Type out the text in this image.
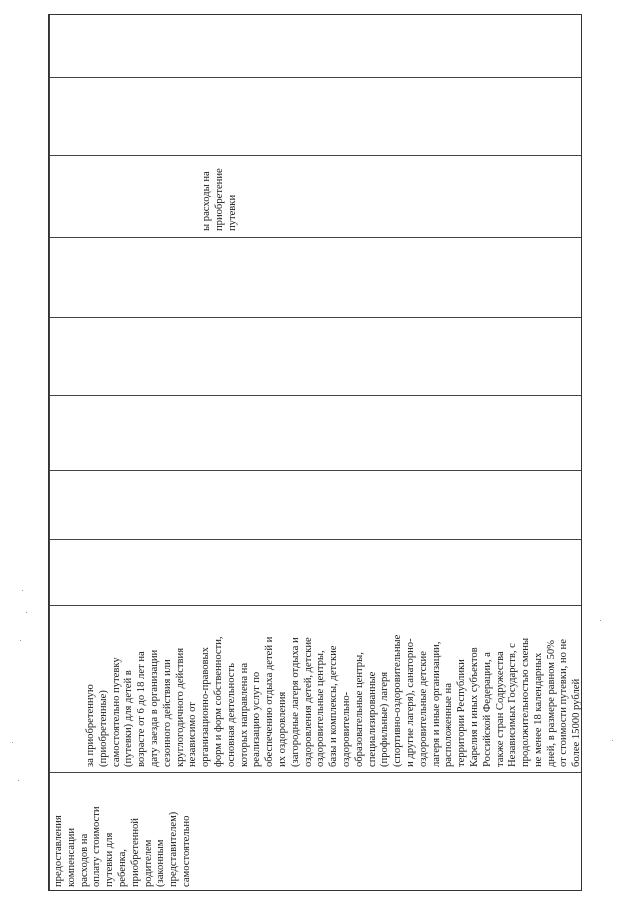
предоставления
компенсации
расходов на
оплату стоимости
путевки для
ребенка,
приобретенной
родителем
(законным
представителем)
самостоятельно
за приобретенную
(приобретенные)
самостоятельно путевку
(путевки) для детей в
возрасте от 6 до 18 лет на
дату заезда в организации
сезонного действия или
круглогодичного действия
независимо от
организационно-правовых
форм и форм собственности,
основная деятельность
которых направлена на
реализацию услуг по
обеспечению отдыха детей и
их оздоровления
(загородные лагеря отдыха и
оздоровления детей, детские
оздоровительные центры,
базы и комплексы, детские
оздоровительно-
образовательные центры,
специализированные
(профильные) лагеря
(спортивно-оздоровительные
и другие лагеря), санаторно-
оздоровительные детские
лагеря и иные организации,
расположенные на
территории Республики
Карелия и иных субъектов
Российской Федерации, а
также стран Содружества
Независимых Государств, с
продолжительностью смены
не менее 18 календарных
дней, в размере равном 50%
от стоимости путевки, но не
более 15000 рублей
ы расходы на
приобретение
путевки
